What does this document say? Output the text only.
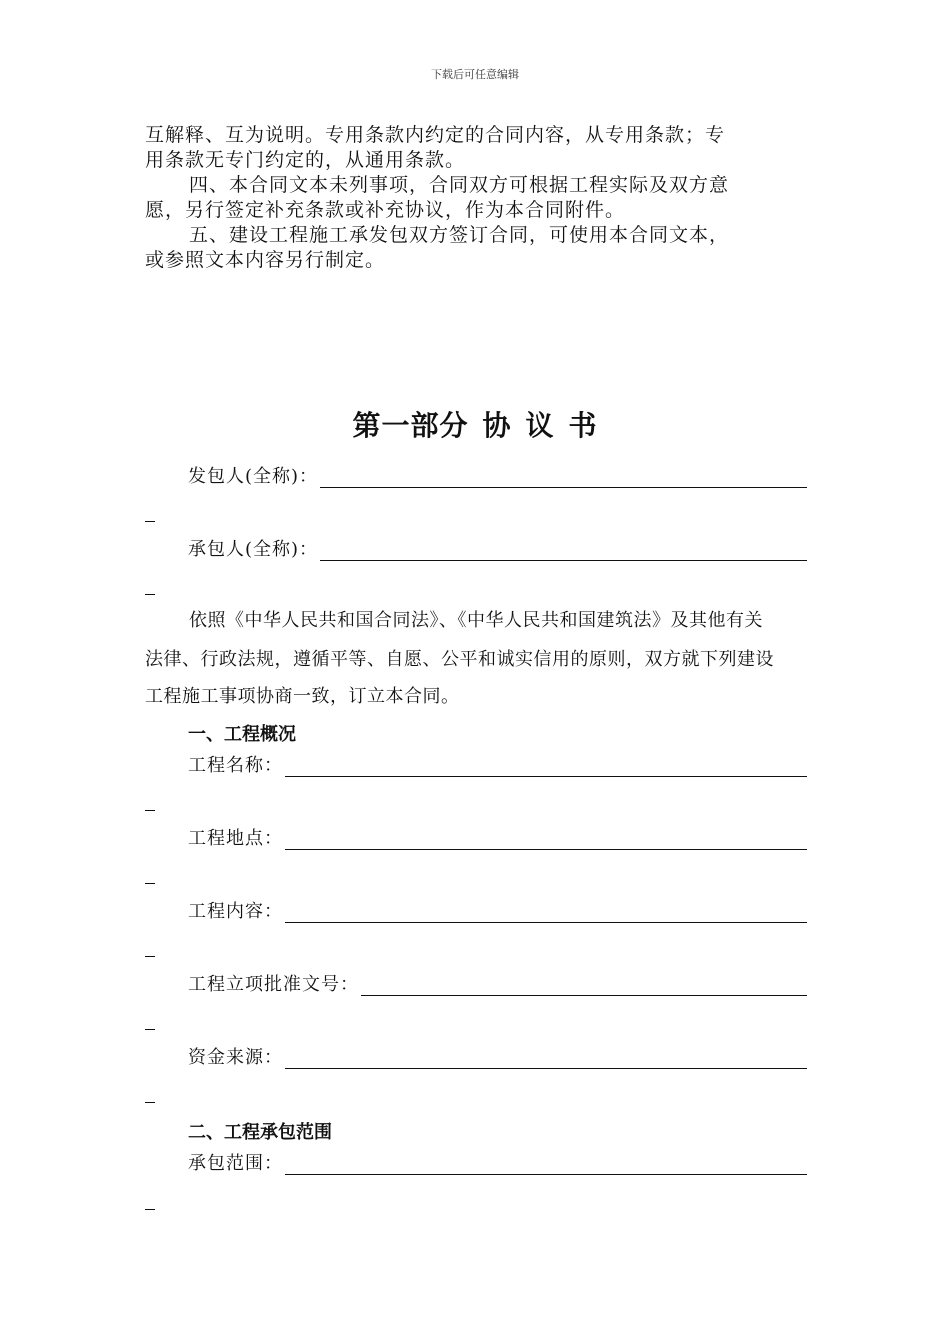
下载后可任意编辑

互解释、互为说明。专用条款内约定的合同内容，从专用条款；专

用条款无专门约定的，从通用条款。

四、本合同文本未列事项，合同双方可根据工程实际及双方意

愿，另行签定补充条款或补充协议，作为本合同附件。

五、建设工程施工承发包双方签订合同，可使用本合同文本，

或参照文本内容另行制定。

第一部分 协 议 书
发包人(全称)：
承包人(全称)：

依照《中华人民共和国合同法》、《中华人民共和国建筑法》及其他有关

法律、行政法规，遵循平等、自愿、公平和诚实信用的原则，双方就下列建设

工程施工事项协商一致，订立本合同。

一、工程概况
工程名称：
工程地点：
工程内容：
工程立项批准文号：
资金来源：
二、工程承包范围
承包范围：
